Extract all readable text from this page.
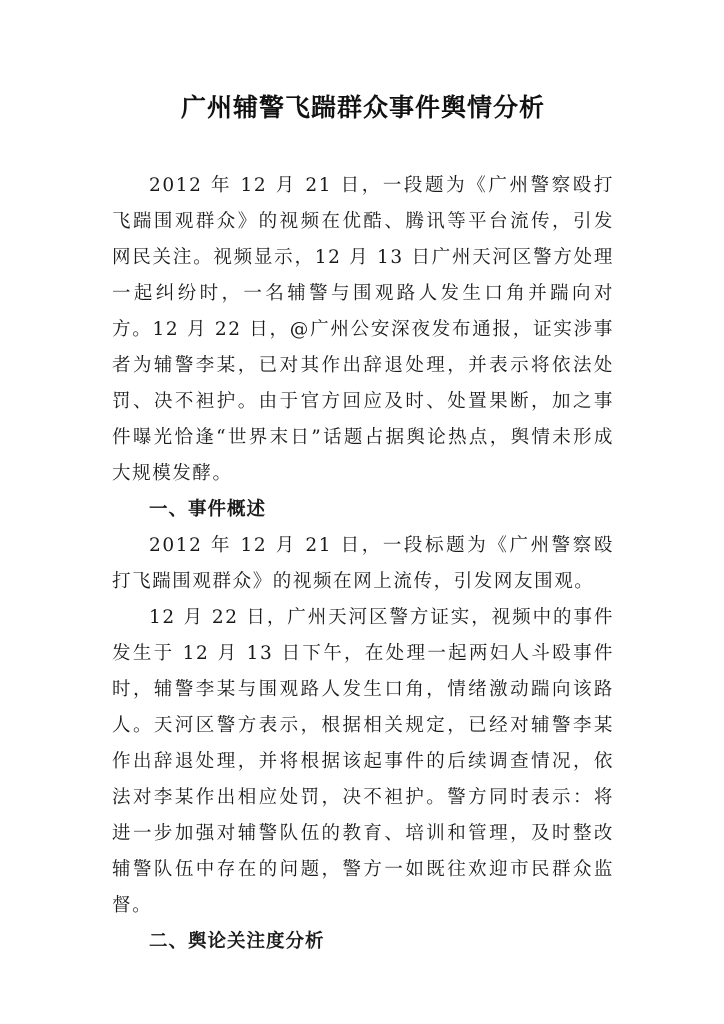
广州辅警飞踹群众事件舆情分析

2012 年 12 月 21 日，一段题为《广州警察殴打飞踹围观群众》的视频在优酷、腾讯等平台流传，引发网民关注。视频显示，12 月 13 日广州天河区警方处理一起纠纷时，一名辅警与围观路人发生口角并踹向对方。12 月 22 日，@广州公安深夜发布通报，证实涉事者为辅警李某，已对其作出辞退处理，并表示将依法处罚、决不袒护。由于官方回应及时、处置果断，加之事件曝光恰逢“世界末日”话题占据舆论热点，舆情未形成大规模发酵。

一、事件概述

2012 年 12 月 21 日，一段标题为《广州警察殴打飞踹围观群众》的视频在网上流传，引发网友围观。

12 月 22 日，广州天河区警方证实，视频中的事件发生于 12 月 13 日下午，在处理一起两妇人斗殴事件时，辅警李某与围观路人发生口角，情绪激动踹向该路人。天河区警方表示，根据相关规定，已经对辅警李某作出辞退处理，并将根据该起事件的后续调查情况，依法对李某作出相应处罚，决不袒护。警方同时表示：将进一步加强对辅警队伍的教育、培训和管理，及时整改辅警队伍中存在的问题，警方一如既往欢迎市民群众监督。

二、舆论关注度分析
